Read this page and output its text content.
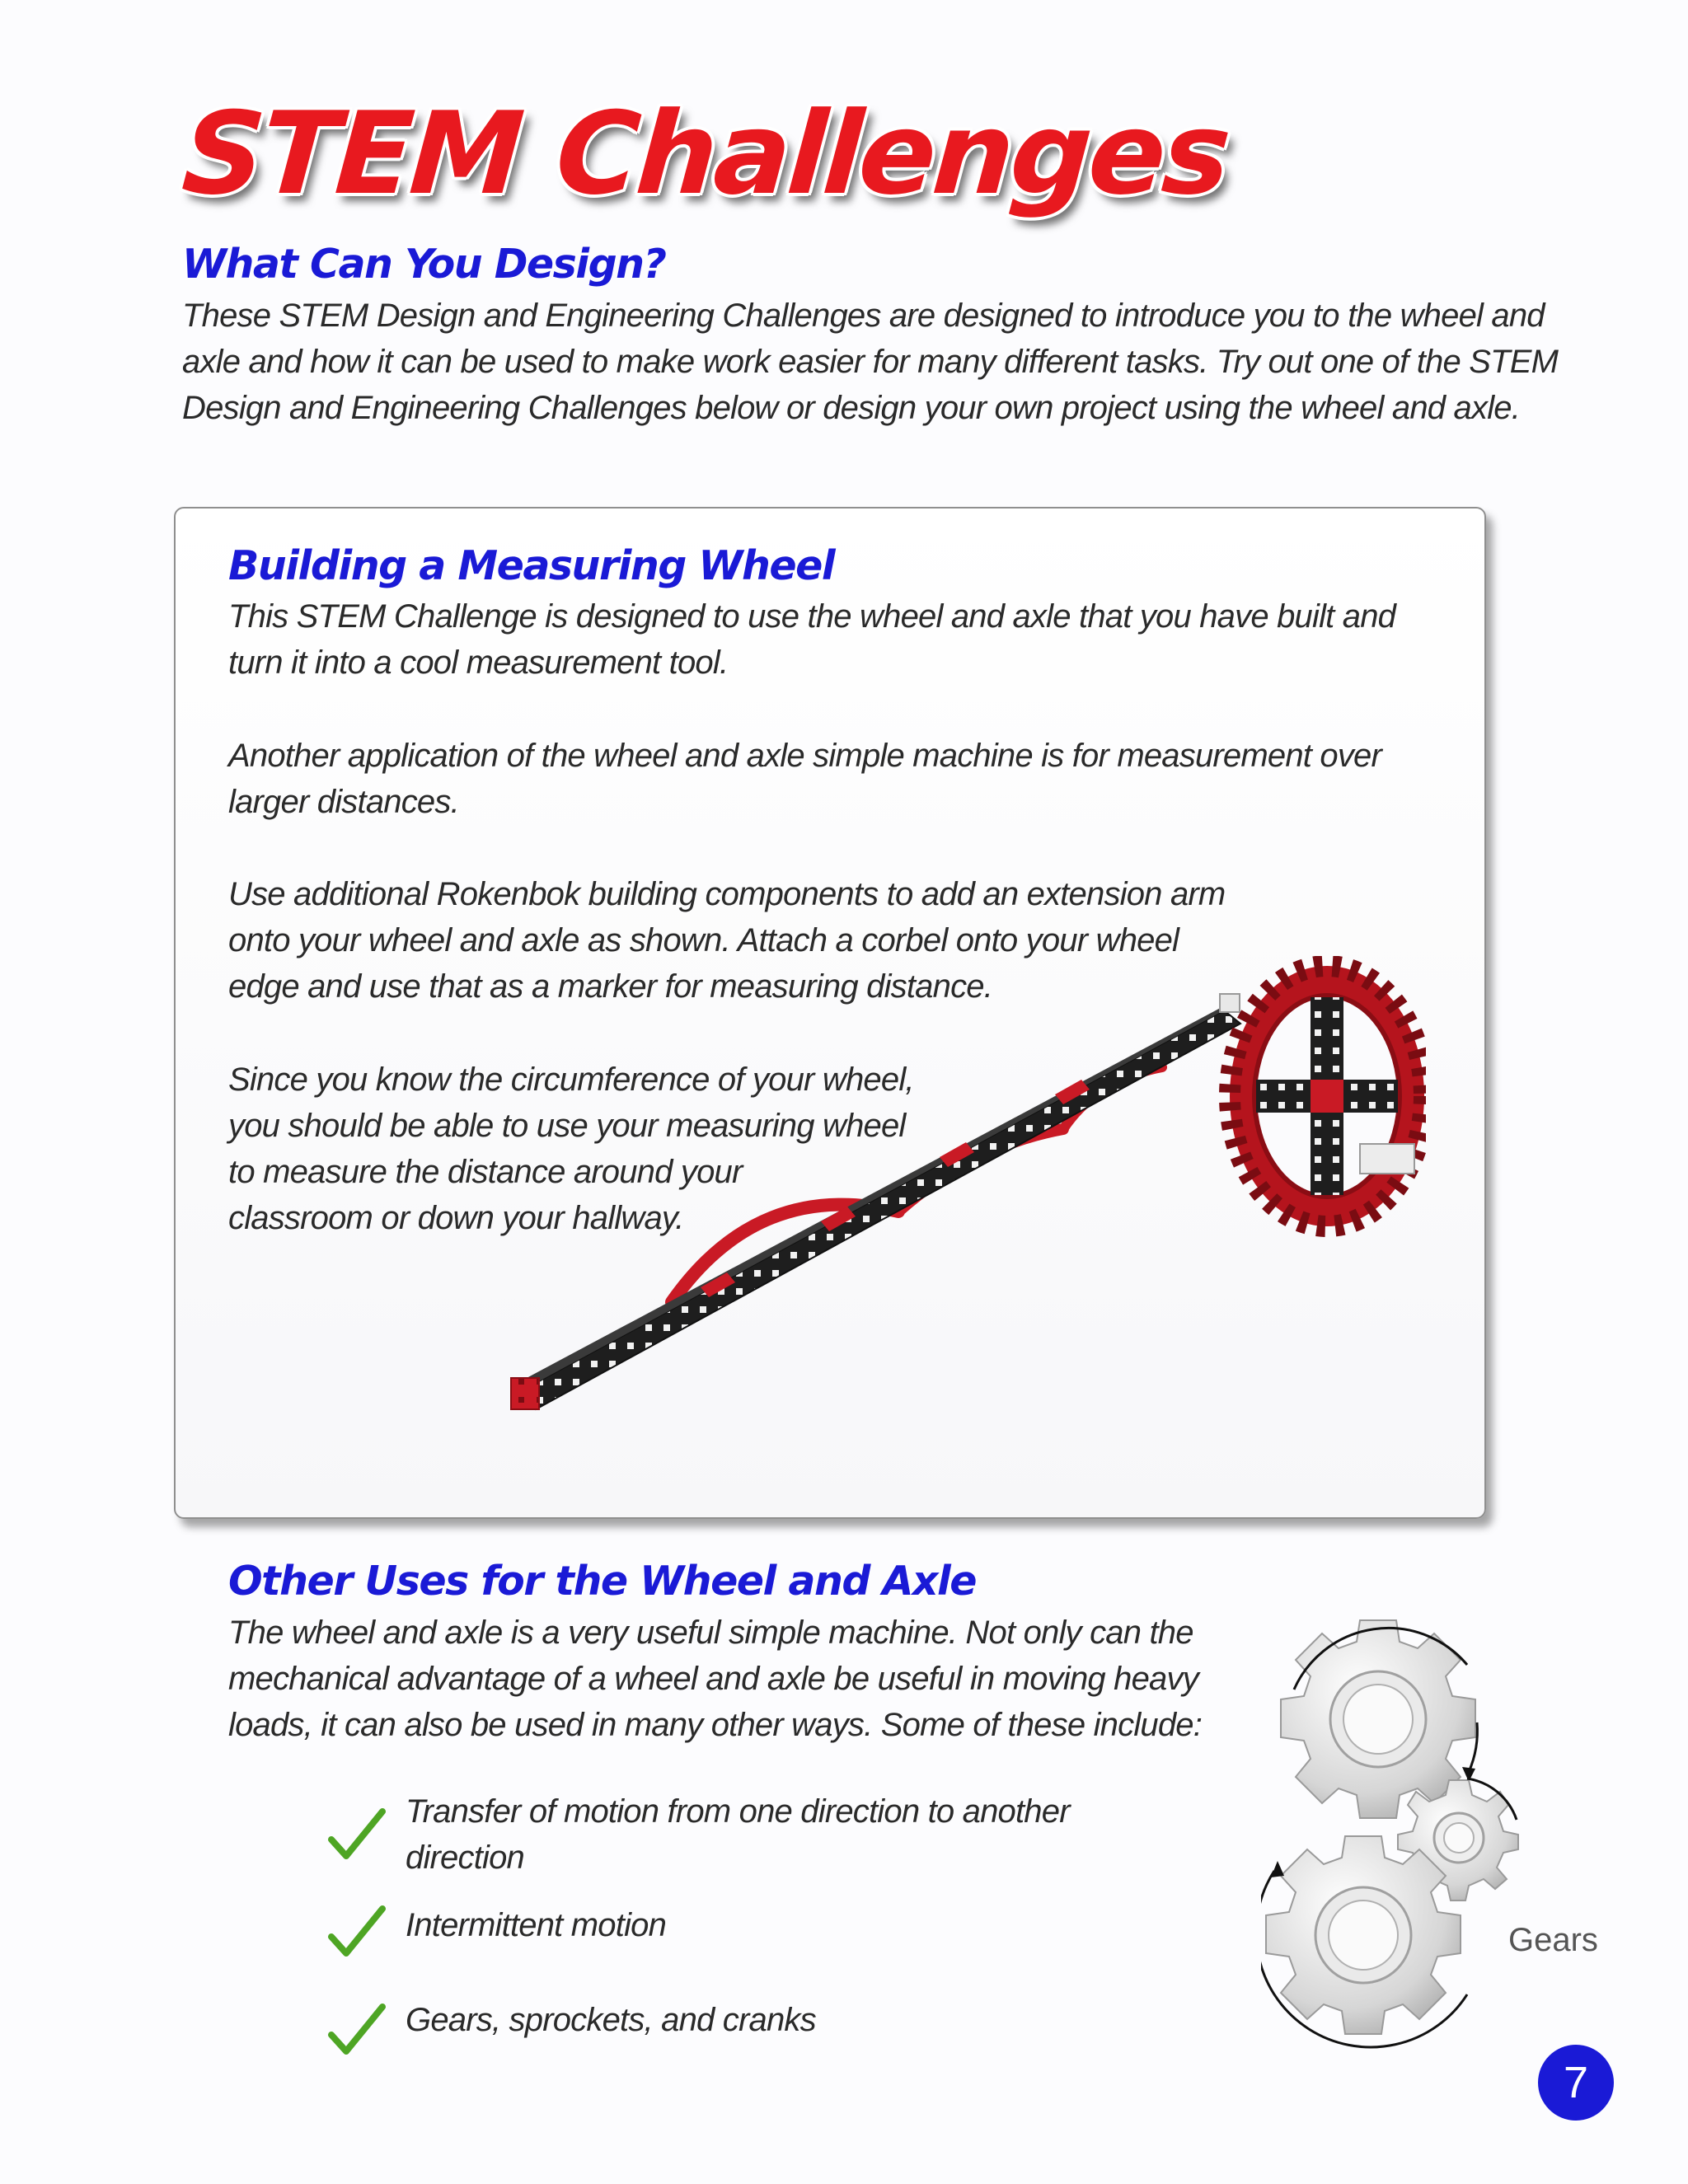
STEM Challenges
What Can You Design?
These STEM Design and Engineering Challenges are designed to introduce you to the wheel and
axle and how it can be used to make work easier for many different tasks. Try out one of the STEM
Design and Engineering Challenges below or design your own project using the wheel and axle.
Building a Measuring Wheel
This STEM Challenge is designed to use the wheel and axle that you have built and
turn it into a cool measurement tool.
Another application of the wheel and axle simple machine is for measurement over
larger distances.
Use additional Rokenbok building components to add an extension arm
onto your wheel and axle as shown. Attach a corbel onto your wheel
edge and use that as a marker for measuring distance.
Since you know the circumference of your wheel,
you should be able to use your measuring wheel
to measure the distance around your
classroom or down your hallway.
Other Uses for the Wheel and Axle
The wheel and axle is a very useful simple machine. Not only can the
mechanical advantage of a wheel and axle be useful in moving heavy
loads, it can also be used in many other ways. Some of these include:
Transfer of motion from one direction to another
direction
Intermittent motion
Gears, sprockets, and cranks
Gears
7
